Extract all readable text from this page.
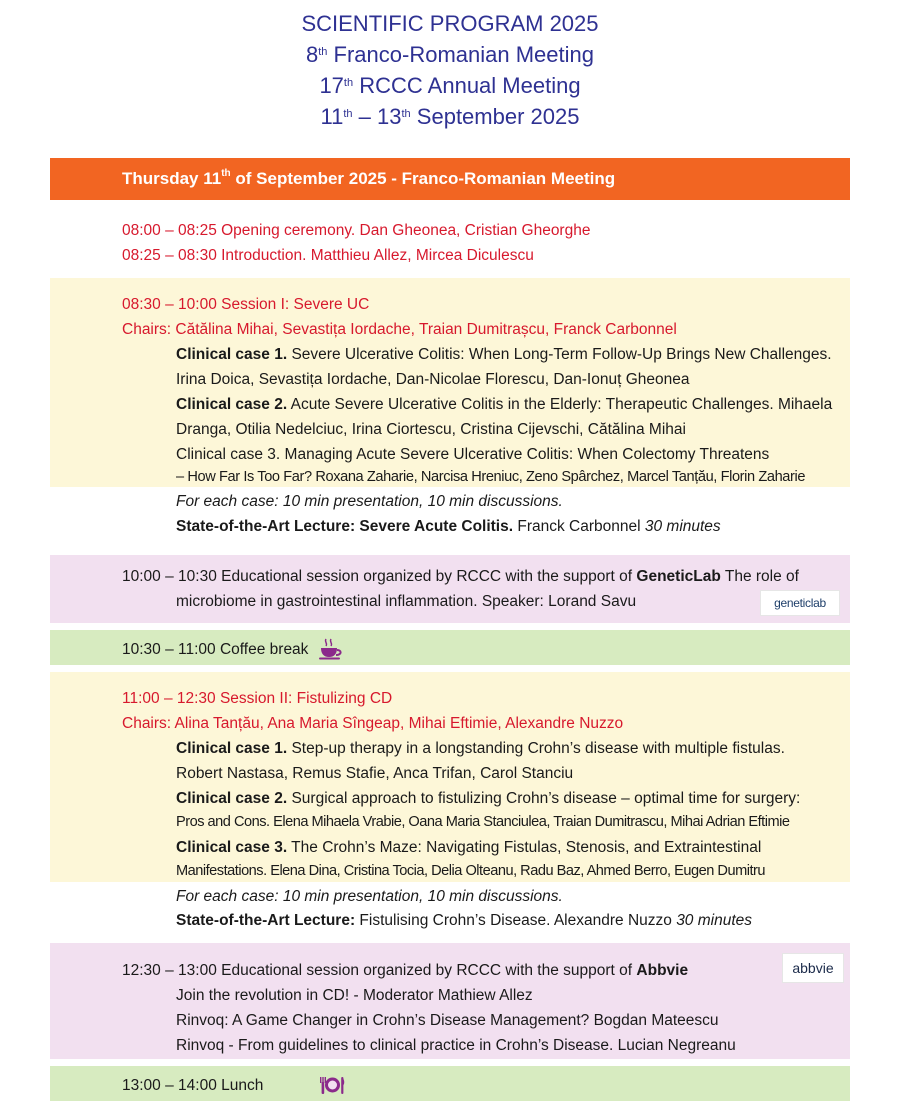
SCIENTIFIC PROGRAM 2025
8th Franco-Romanian Meeting
17th RCCC Annual Meeting
11th – 13th September 2025
Thursday 11th of September 2025 - Franco-Romanian Meeting
08:00 – 08:25 Opening ceremony. Dan Gheonea, Cristian Gheorghe
08:25 – 08:30 Introduction. Matthieu Allez, Mircea Diculescu
08:30 – 10:00 Session I: Severe UC
Chairs: Cătălina Mihai, Sevastița Iordache, Traian Dumitrașcu, Franck Carbonnel
Clinical case 1. Severe Ulcerative Colitis: When Long-Term Follow-Up Brings New Challenges.
Irina Doica, Sevastița Iordache, Dan-Nicolae Florescu, Dan-Ionuț Gheonea
Clinical case 2. Acute Severe Ulcerative Colitis in the Elderly: Therapeutic Challenges. Mihaela
Dranga, Otilia Nedelciuc, Irina Ciortescu, Cristina Cijevschi, Cătălina Mihai
Clinical case 3. Managing Acute Severe Ulcerative Colitis: When Colectomy Threatens
– How Far Is Too Far? Roxana Zaharie, Narcisa Hreniuc, Zeno Spârchez, Marcel Tanțău, Florin Zaharie
For each case: 10 min presentation, 10 min discussions.
State-of-the-Art Lecture: Severe Acute Colitis. Franck Carbonnel 30 minutes
10:00 – 10:30 Educational session organized by RCCC with the support of GeneticLab The role of
microbiome in gastrointestinal inflammation. Speaker: Lorand Savu	geneticlab
10:30 – 11:00 Coffee break
11:00 – 12:30 Session II: Fistulizing CD
Chairs: Alina Tanțău, Ana Maria Sîngeap, Mihai Eftimie, Alexandre Nuzzo
Clinical case 1. Step-up therapy in a longstanding Crohn’s disease with multiple fistulas.
Robert Nastasa, Remus Stafie, Anca Trifan, Carol Stanciu
Clinical case 2. Surgical approach to fistulizing Crohn’s disease – optimal time for surgery:
Pros and Cons. Elena Mihaela Vrabie, Oana Maria Stanciulea, Traian Dumitrascu, Mihai Adrian Eftimie
Clinical case 3. The Crohn’s Maze: Navigating Fistulas, Stenosis, and Extraintestinal
Manifestations. Elena Dina, Cristina Tocia, Delia Olteanu, Radu Baz, Ahmed Berro, Eugen Dumitru
For each case: 10 min presentation, 10 min discussions.
State-of-the-Art Lecture: Fistulising Crohn’s Disease. Alexandre Nuzzo 30 minutes
12:30 – 13:00 Educational session organized by RCCC with the support of Abbvie
Join the revolution in CD! - Moderator Mathiew Allez
Rinvoq: A Game Changer in Crohn’s Disease Management? Bogdan Mateescu
Rinvoq - From guidelines to clinical practice in Crohn’s Disease. Lucian Negreanu
abbvie
13:00 – 14:00 Lunch
